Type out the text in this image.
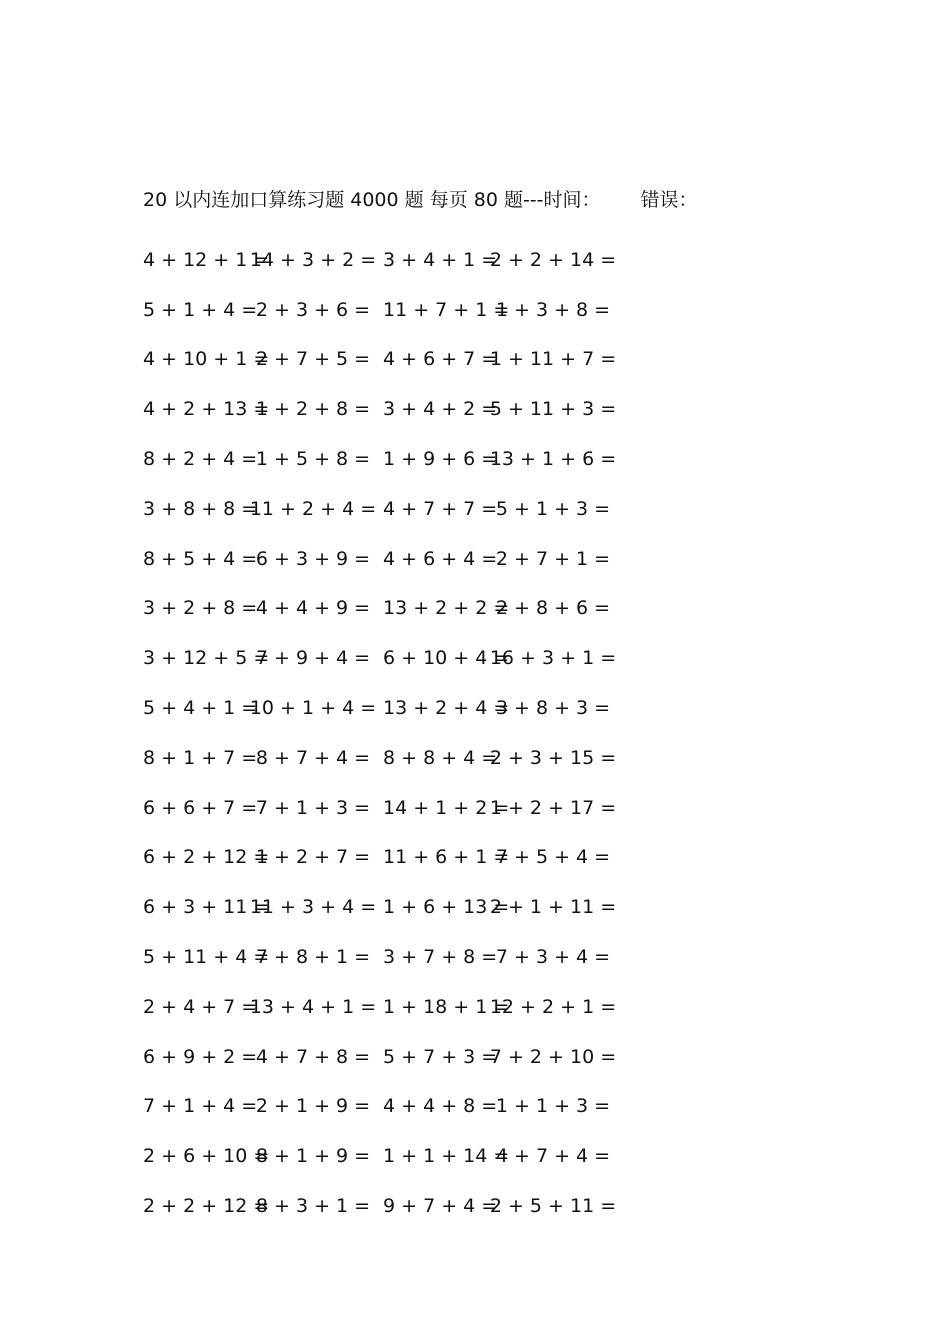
20 以内连加口算练习题 4000 题 每页 80 题---时间： 错误：
4 + 12 + 1 =
14 + 3 + 2 = 3 + 4 + 1 =
2 + 2 + 14 =
5 + 1 + 4 =
2 + 3 + 6 = 11 + 7 + 1 =
1 + 3 + 8 =
4 + 10 + 1 =
2 + 7 + 5 = 4 + 6 + 7 =
1 + 11 + 7 =
4 + 2 + 13 =
1 + 2 + 8 = 3 + 4 + 2 =
5 + 11 + 3 =
8 + 2 + 4 =
1 + 5 + 8 = 1 + 9 + 6 =
13 + 1 + 6 =
3 + 8 + 8 =
11 + 2 + 4 = 4 + 7 + 7 =
5 + 1 + 3 =
8 + 5 + 4 =
6 + 3 + 9 = 4 + 6 + 4 =
2 + 7 + 1 =
3 + 2 + 8 =
4 + 4 + 9 = 13 + 2 + 2 =
2 + 8 + 6 =
3 + 12 + 5 =
7 + 9 + 4 = 6 + 10 + 4 =
16 + 3 + 1 =
5 + 4 + 1 =
10 + 1 + 4 = 13 + 2 + 4 =
3 + 8 + 3 =
8 + 1 + 7 =
8 + 7 + 4 = 8 + 8 + 4 =
2 + 3 + 15 =
6 + 6 + 7 =
7 + 1 + 3 = 14 + 1 + 2 =
1 + 2 + 17 =
6 + 2 + 12 =
1 + 2 + 7 = 11 + 6 + 1 =
7 + 5 + 4 =
6 + 3 + 11 =
11 + 3 + 4 = 1 + 6 + 13 =
2 + 1 + 11 =
5 + 11 + 4 =
7 + 8 + 1 = 3 + 7 + 8 =
7 + 3 + 4 =
2 + 4 + 7 =
13 + 4 + 1 = 1 + 18 + 1 =
12 + 2 + 1 =
6 + 9 + 2 =
4 + 7 + 8 = 5 + 7 + 3 =
7 + 2 + 10 =
7 + 1 + 4 =
2 + 1 + 9 = 4 + 4 + 8 =
1 + 1 + 3 =
2 + 6 + 10 =
8 + 1 + 9 = 1 + 1 + 14 =
4 + 7 + 4 =
2 + 2 + 12 =
8 + 3 + 1 = 9 + 7 + 4 =
2 + 5 + 11 =
